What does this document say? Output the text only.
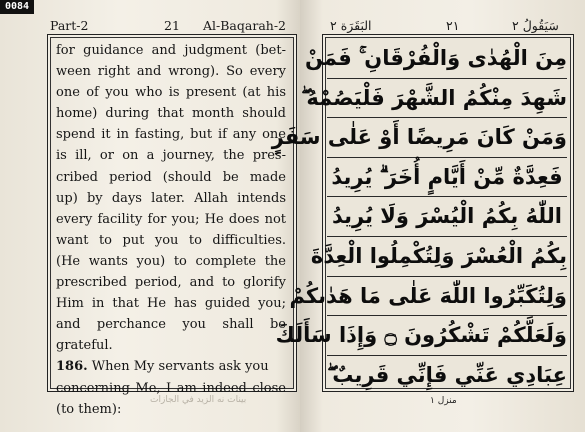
0084
Part-2	21 Al-Baqarah-2
for guidance and judgment (bet-
ween right and wrong). So every
one of you who is present (at his
home) during that month should
spend it in fasting, but if any one
is ill, or on a journey, the pres-
cribed period (should be made
up) by days later. Allah intends
every facility for you; He does not
want to put you to difficulties.
(He wants you) to complete the
prescribed period, and to glorify
Him in that He has guided you;
and perchance you shall be
grateful.
186. When My servants ask you
concerning Me, I am indeed close
(to them):
بينات نه الزيد في الجازات
البَقَرَة ٢	٢١	سَيَقُولُ ٢
مِنَ الْهُدٰى وَالْفُرْقَانِ ۚ فَمَنْ
شَهِدَ مِنْكُمُ الشَّهْرَ فَلْيَصُمْهُ ۖ
وَمَنْ كَانَ مَرِيضًا أَوْ عَلٰى سَفَرٍ
فَعِدَّةٌ مِّنْ أَيَّامٍ أُخَرَ ۗ يُرِيدُ
اللّٰهُ بِكُمُ الْيُسْرَ وَلَا يُرِيدُ
بِكُمُ الْعُسْرَ وَلِتُكْمِلُوا الْعِدَّةَ
وَلِتُكَبِّرُوا اللّٰهَ عَلٰى مَا هَدٰىكُمْ
وَلَعَلَّكُمْ تَشْكُرُونَ ۝ وَإِذَا سَأَلَكَ
عِبَادِي عَنِّي فَإِنِّي قَرِيبٌ ۖ
منزل ١
